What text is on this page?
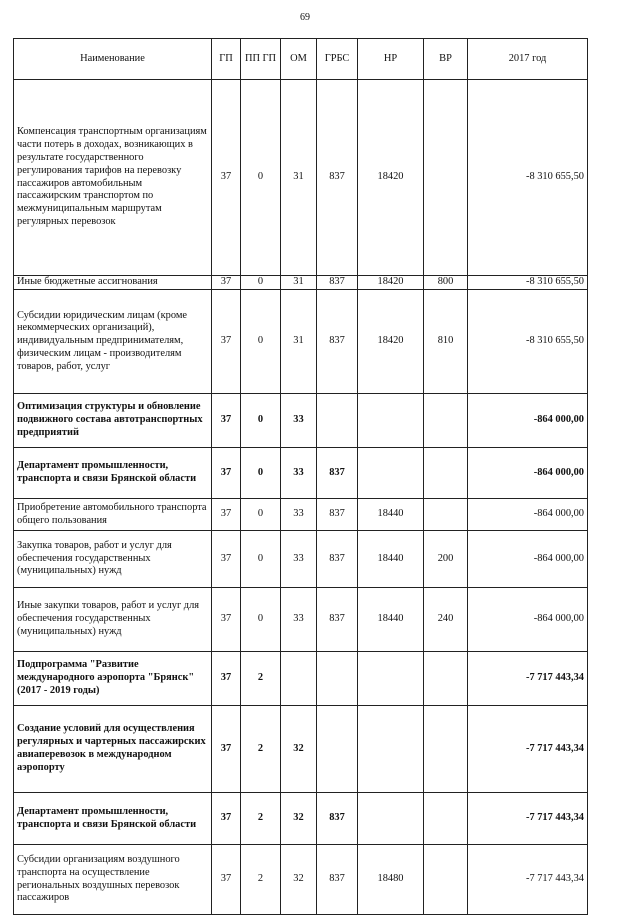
69
Наименование	ГП	ПП ГП	ОМ	ГРБС	НР	ВР	2017 год
Компенсация транспортным организациям части потерь в доходах, возникающих в результате государственного регулирования тарифов на перевозку пассажиров автомобильным пассажирским транспортом по межмуниципальным маршрутам регулярных перевозок	37	0	31	837	18420		-8 310 655,50
Иные бюджетные ассигнования	37	0	31	837	18420	800	-8 310 655,50
Субсидии юридическим лицам (кроме некоммерческих организаций), индивидуальным предпринимателям, физическим лицам - производителям товаров, работ, услуг	37	0	31	837	18420	810	-8 310 655,50
Оптимизация структуры и обновление подвижного состава автотранспортных предприятий	37	0	33				-864 000,00
Департамент промышленности, транспорта и связи Брянской области	37	0	33	837			-864 000,00
Приобретение автомобильного транспорта общего пользования	37	0	33	837	18440		-864 000,00
Закупка товаров, работ и услуг для обеспечения государственных (муниципальных) нужд	37	0	33	837	18440	200	-864 000,00
Иные закупки товаров, работ и услуг для обеспечения государственных (муниципальных) нужд	37	0	33	837	18440	240	-864 000,00
Подпрограмма "Развитие международного аэропорта "Брянск" (2017 - 2019 годы)	37	2					-7 717 443,34
Создание условий для осуществления регулярных и чартерных пассажирских авиаперевозок в международном аэропорту	37	2	32				-7 717 443,34
Департамент промышленности, транспорта и связи Брянской области	37	2	32	837			-7 717 443,34
Субсидии организациям воздушного транспорта на осуществление региональных воздушных перевозок пассажиров	37	2	32	837	18480		-7 717 443,34
